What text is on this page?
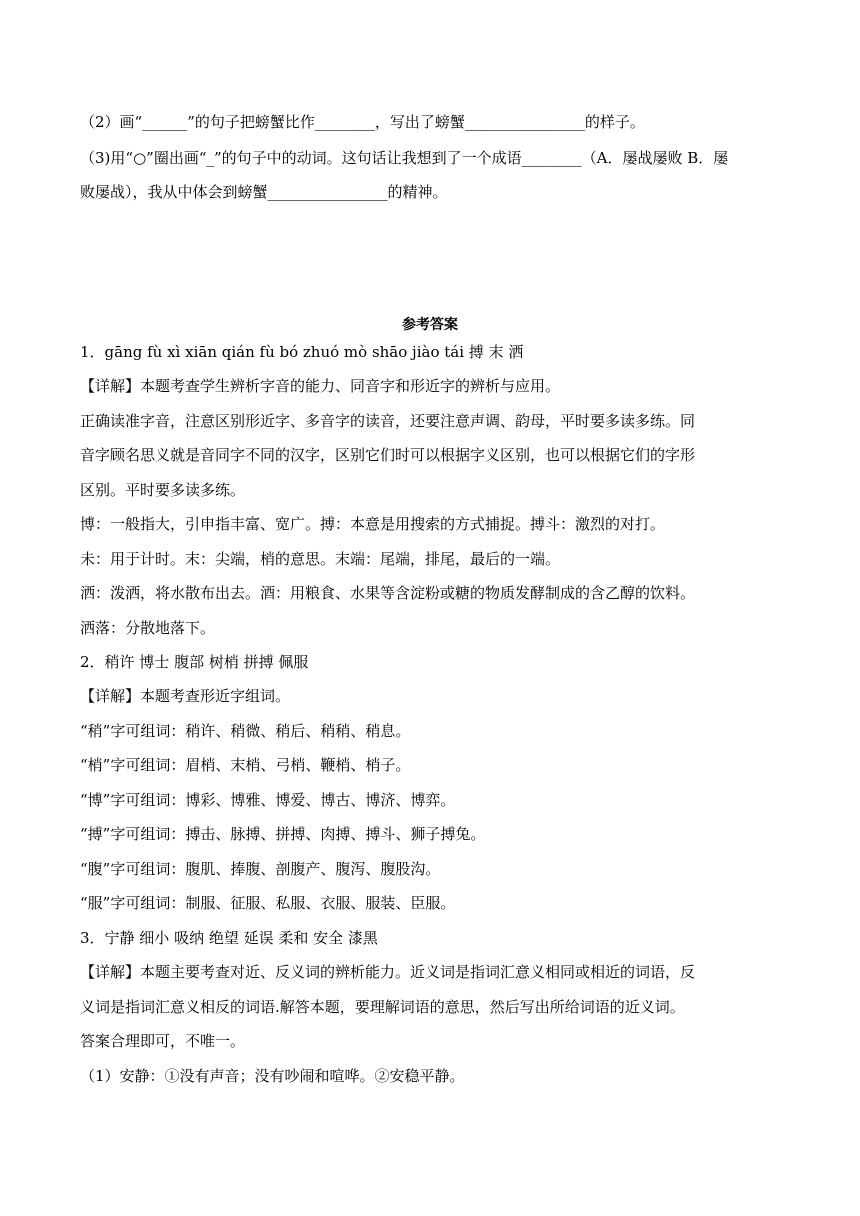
（2）画“______”的句子把螃蟹比作________，写出了螃蟹________________的样子。
（3)用“○”圈出画“_”的句子中的动词。这句话让我想到了一个成语________（A．屡战屡败 B．屡
败屡战），我从中体会到螃蟹________________的精神。
参考答案
1．gāng fù xì xiān qián fù bó zhuó mò shāo jiào tái 搏 末 洒
【详解】本题考查学生辨析字音的能力、同音字和形近字的辨析与应用。
正确读准字音，注意区别形近字、多音字的读音，还要注意声调、韵母，平时要多读多练。同
音字顾名思义就是音同字不同的汉字，区别它们时可以根据字义区别，也可以根据它们的字形
区别。平时要多读多练。
博：一般指大，引申指丰富、宽广。搏：本意是用搜索的方式捕捉。搏斗：激烈的对打。
未：用于计时。末：尖端，梢的意思。末端：尾端，排尾，最后的一端。
洒：泼洒，将水散布出去。酒：用粮食、水果等含淀粉或糖的物质发酵制成的含乙醇的饮料。
洒落：分散地落下。
2．稍许 博士 腹部 树梢 拼搏 佩服
【详解】本题考查形近字组词。
“稍”字可组词：稍许、稍微、稍后、稍稍、稍息。
“梢”字可组词：眉梢、末梢、弓梢、鞭梢、梢子。
“博”字可组词：博彩、博雅、博爱、博古、博济、博弈。
“搏”字可组词：搏击、脉搏、拼搏、肉搏、搏斗、狮子搏兔。
“腹”字可组词：腹肌、捧腹、剖腹产、腹泻、腹股沟。
“服”字可组词：制服、征服、私服、衣服、服装、臣服。
3．宁静 细小 吸纳 绝望 延误 柔和 安全 漆黑
【详解】本题主要考查对近、反义词的辨析能力。近义词是指词汇意义相同或相近的词语，反
义词是指词汇意义相反的词语.解答本题，要理解词语的意思，然后写出所给词语的近义词。
答案合理即可，不唯一。
（1）安静：①没有声音；没有吵闹和喧哗。②安稳平静。
